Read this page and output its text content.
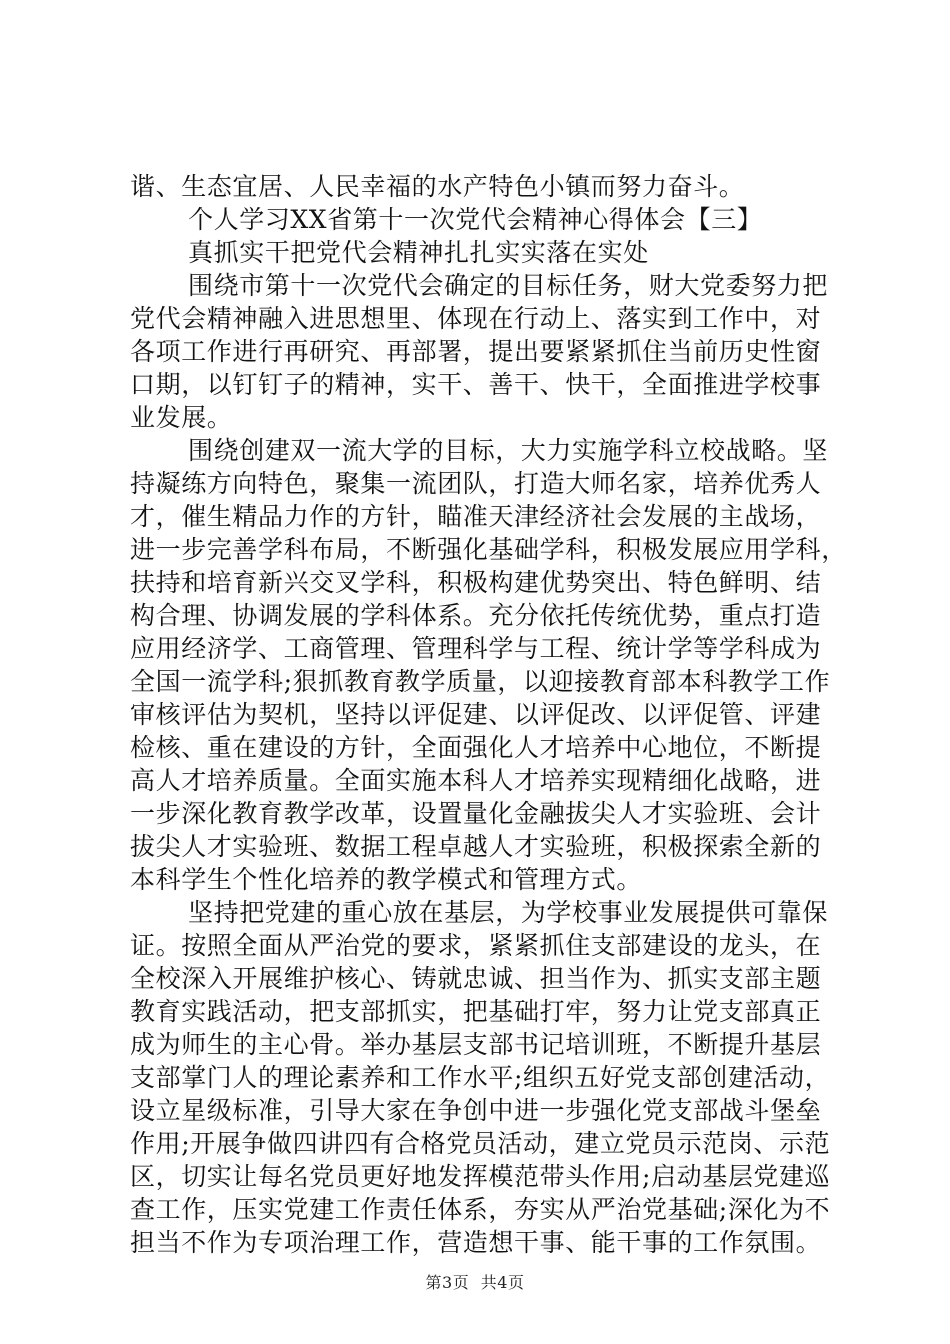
谐、生态宜居、人民幸福的水产特色小镇而努力奋斗。
个人学习XX省第十一次党代会精神心得体会【三】
真抓实干把党代会精神扎扎实实落在实处
围绕市第十一次党代会确定的目标任务，财大党委努力把
党代会精神融入进思想里、体现在行动上、落实到工作中，对
各项工作进行再研究、再部署，提出要紧紧抓住当前历史性窗
口期，以钉钉子的精神，实干、善干、快干，全面推进学校事
业发展。
围绕创建双一流大学的目标，大力实施学科立校战略。坚
持凝练方向特色，聚集一流团队，打造大师名家，培养优秀人
才，催生精品力作的方针，瞄准天津经济社会发展的主战场，
进一步完善学科布局，不断强化基础学科，积极发展应用学科，
扶持和培育新兴交叉学科，积极构建优势突出、特色鲜明、结
构合理、协调发展的学科体系。充分依托传统优势，重点打造
应用经济学、工商管理、管理科学与工程、统计学等学科成为
全国一流学科;狠抓教育教学质量，以迎接教育部本科教学工作
审核评估为契机，坚持以评促建、以评促改、以评促管、评建
检核、重在建设的方针，全面强化人才培养中心地位，不断提
高人才培养质量。全面实施本科人才培养实现精细化战略，进
一步深化教育教学改革，设置量化金融拔尖人才实验班、会计
拔尖人才实验班、数据工程卓越人才实验班，积极探索全新的
本科学生个性化培养的教学模式和管理方式。
坚持把党建的重心放在基层，为学校事业发展提供可靠保
证。按照全面从严治党的要求，紧紧抓住支部建设的龙头，在
全校深入开展维护核心、铸就忠诚、担当作为、抓实支部主题
教育实践活动，把支部抓实，把基础打牢，努力让党支部真正
成为师生的主心骨。举办基层支部书记培训班，不断提升基层
支部掌门人的理论素养和工作水平;组织五好党支部创建活动，
设立星级标准，引导大家在争创中进一步强化党支部战斗堡垒
作用;开展争做四讲四有合格党员活动，建立党员示范岗、示范
区，切实让每名党员更好地发挥模范带头作用;启动基层党建巡
查工作，压实党建工作责任体系，夯实从严治党基础;深化为不
担当不作为专项治理工作，营造想干事、能干事的工作氛围。
第3页 共4页
